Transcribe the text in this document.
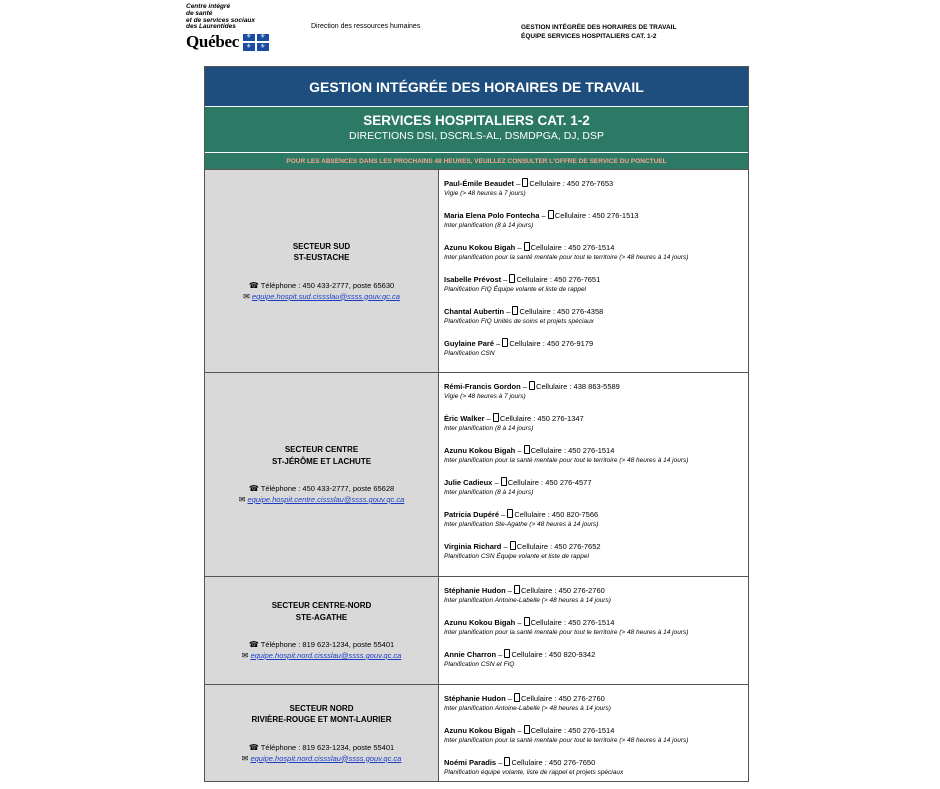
Centre intégré
de santé
et de services sociaux
des Laurentides
Québec ⚜ ⚜
⚜ ⚜
Direction des ressources humaines	GESTION INTÉGRÉE DES HORAIRES DE TRAVAIL
ÉQUIPE SERVICES HOSPITALIERS CAT. 1-2
GESTION INTÉGRÉE DES HORAIRES DE TRAVAIL
SERVICES HOSPITALIERS CAT. 1-2
DIRECTIONS DSI, DSCRLS-AL, DSMDPGA, DJ, DSP
POUR LES ABSENCES DANS LES PROCHAINS 48 HEURES, VEUILLEZ CONSULTER L'OFFRE DE SERVICE DU PONCTUEL
SECTEUR SUD
ST-EUSTACHE
☎ Téléphone : 450 433-2777, poste 65630
✉ equipe.hospit.sud.cissslau@ssss.gouv.qc.ca
Paul-Émile Beaudet – Cellulaire : 450 276-7653
Vigie (> 48 heures à 7 jours)
Maria Elena Polo Fontecha – Cellulaire : 450 276-1513
Inter planification (8 à 14 jours)
Azunu Kokou Bigah – Cellulaire : 450 276-1514
Inter planification pour la santé mentale pour tout le territoire (> 48 heures à 14 jours)
Isabelle Prévost – Cellulaire : 450 276-7651
Planification FIQ Équipe volante et liste de rappel
Chantal Aubertin – Cellulaire : 450 276-4358
Planification FIQ Unités de soins et projets spéciaux
Guylaine Paré – Cellulaire : 450 276-9179
Planification CSN
SECTEUR CENTRE
ST-JÉRÔME ET LACHUTE
☎ Téléphone : 450 433-2777, poste 65628
✉ equipe.hospit.centre.cissslau@ssss.gouv.qc.ca
Rémi-Francis Gordon – Cellulaire : 438 863-5589
Vigie (> 48 heures à 7 jours)
Éric Walker – Cellulaire : 450 276-1347
Inter planification (8 à 14 jours)
Azunu Kokou Bigah – Cellulaire : 450 276-1514
Inter planification pour la santé mentale pour tout le territoire (> 48 heures à 14 jours)
Julie Cadieux – Cellulaire : 450 276-4577
Inter planification (8 à 14 jours)
Patricia Dupéré – Cellulaire : 450 820-7566
Inter planification Ste-Agathe (> 48 heures à 14 jours)
Virginia Richard – Cellulaire : 450 276-7652
Planification CSN Équipe volante et liste de rappel
SECTEUR CENTRE-NORD
STE-AGATHE
☎ Téléphone : 819 623-1234, poste 55401
✉ equipe.hospit.nord.cissslau@ssss.gouv.qc.ca
Stéphanie Hudon – Cellulaire : 450 276-2760
Inter planification Antoine-Labelle (> 48 heures à 14 jours)
Azunu Kokou Bigah – Cellulaire : 450 276-1514
Inter planification pour la santé mentale pour tout le territoire (> 48 heures à 14 jours)
Annie Charron – Cellulaire : 450 820-9342
Planification CSN et FIQ
SECTEUR NORD
RIVIÈRE-ROUGE ET MONT-LAURIER
☎ Téléphone : 819 623-1234, poste 55401
✉ equipe.hospit.nord.cissslau@ssss.gouv.qc.ca
Stéphanie Hudon – Cellulaire : 450 276-2760
Inter planification Antoine-Labelle (> 48 heures à 14 jours)
Azunu Kokou Bigah – Cellulaire : 450 276-1514
Inter planification pour la santé mentale pour tout le territoire (> 48 heures à 14 jours)
Noémi Paradis – Cellulaire : 450 276-7650
Planification équipe volante, liste de rappel et projets spéciaux
